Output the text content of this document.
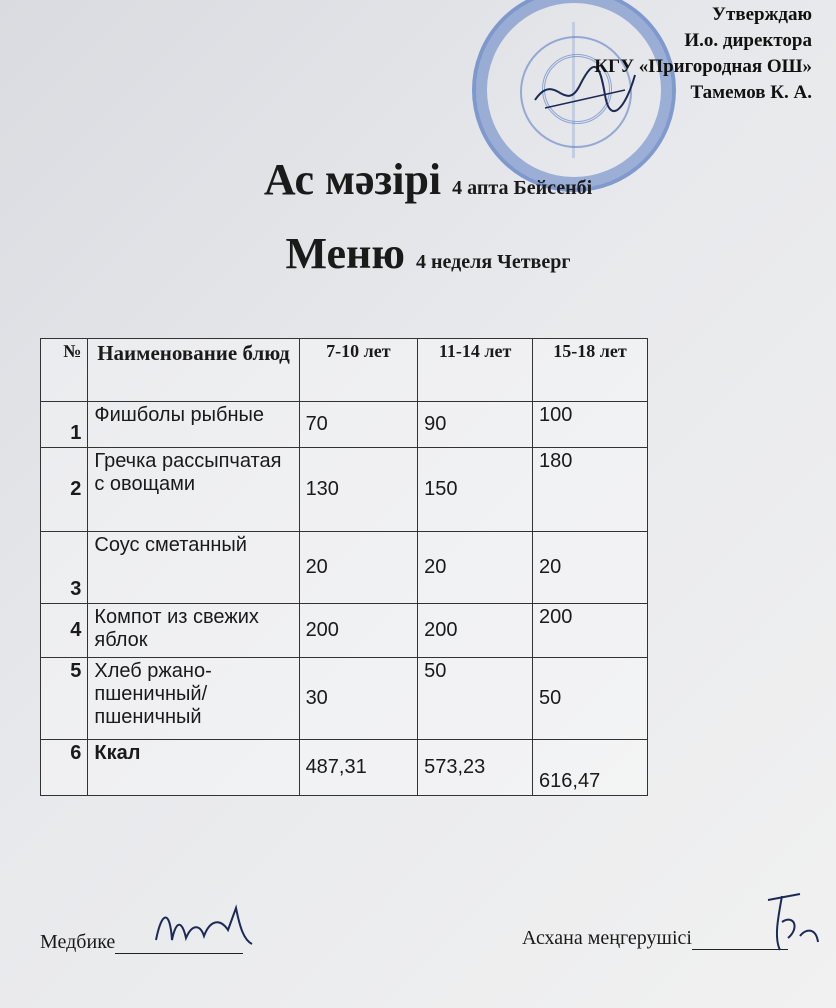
Утверждаю
И.о. директора
КГУ «Пригородная ОШ»
Тамемов К. А.
Ас мәзірі 4 апта Бейсенбі
Меню 4 неделя Четверг
№	Наименование блюд	7-10 лет	11-14 лет	15-18 лет
1	Фишболы рыбные	70	90	100
2	Гречка рассыпчатая с овощами	130	150	180
3	Соус сметанный	20	20	20
4	Компот из свежих яблок	200	200	200
5	Хлеб ржано-пшеничный/ пшеничный	30	50	50
6	Ккал	487,31	573,23	616,47
Медбике	Асхана меңгерушісі
